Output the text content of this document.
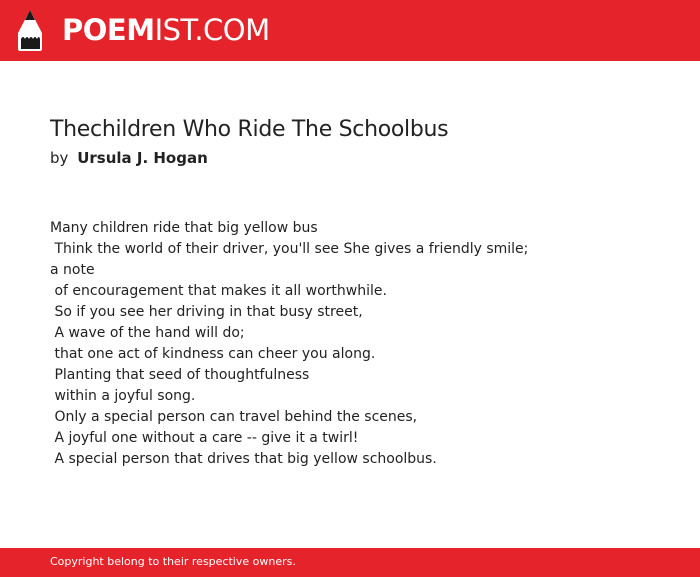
POEMIST.COM
Thechildren Who Ride The Schoolbus
by Ursula J. Hogan
Many children ride that big yellow bus
Think the world of their driver, you'll see She gives a friendly smile; a note
of encouragement that makes it all worthwhile.
So if you see her driving in that busy street,
A wave of the hand will do;
that one act of kindness can cheer you along.
Planting that seed of thoughtfulness
within a joyful song.
Only a special person can travel behind the scenes,
A joyful one without a care -- give it a twirl!
A special person that drives that big yellow schoolbus.
Copyright belong to their respective owners.
